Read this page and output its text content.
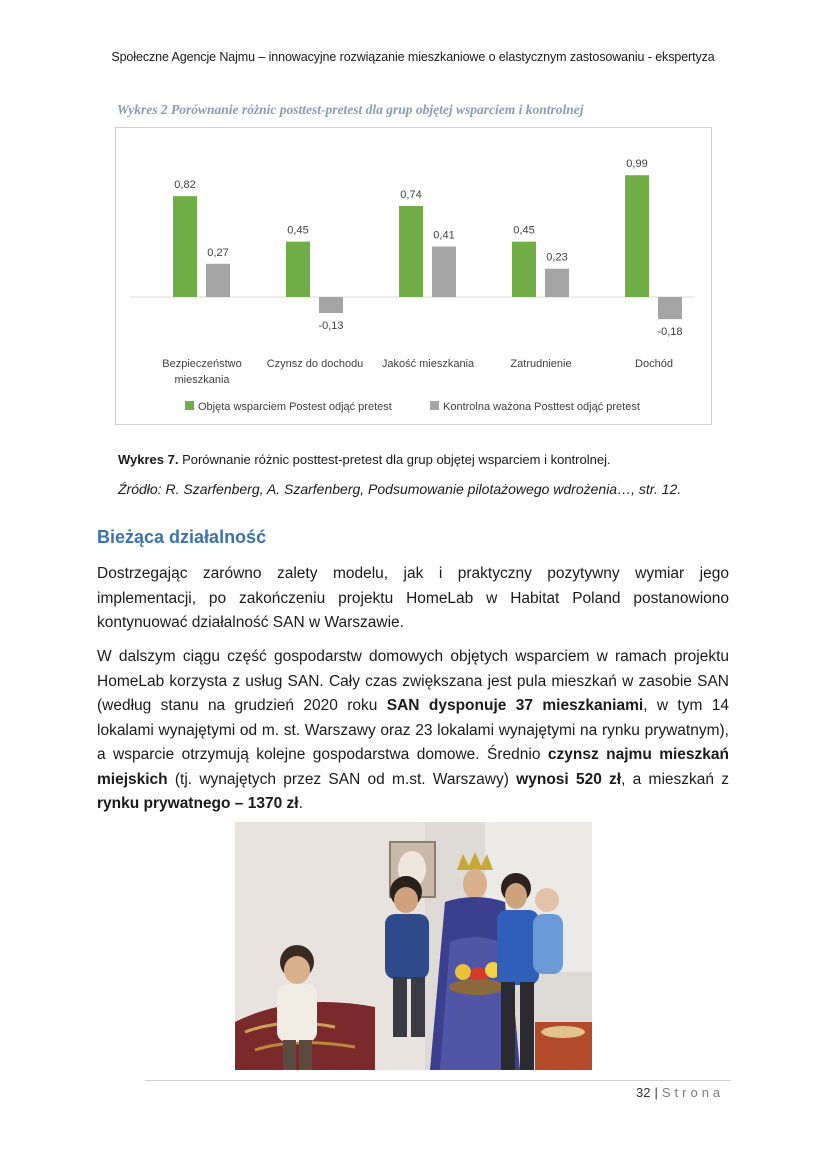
Społeczne Agencje Najmu – innowacyjne rozwiązanie mieszkaniowe o elastycznym zastosowaniu - ekspertyza
Wykres 2 Porównanie różnic posttest-pretest dla grup objętej wsparciem i kontrolnej
0,82
0,27
Bezpieczeństwo
mieszkania
0,45
-0,13
Czynsz do dochodu
0,74
0,41
Jakość mieszkania
0,45
0,23
Zatrudnienie
0,99
-0,18
Dochód
Objęta wsparciem Postest odjąć pretest	Kontrolna ważona Posttest odjąć pretest
Wykres 7. Porównanie różnic posttest-pretest dla grup objętej wsparciem i kontrolnej.
Źródło: R. Szarfenberg, A. Szarfenberg, Podsumowanie pilotażowego wdrożenia…, str. 12.
Bieżąca działalność
Dostrzegając zarówno zalety modelu, jak i praktyczny pozytywny wymiar jego implementacji, po zakończeniu projektu HomeLab w Habitat Poland postanowiono kontynuować działalność SAN w Warszawie.
W dalszym ciągu część gospodarstw domowych objętych wsparciem w ramach projektu HomeLab korzysta z usług SAN. Cały czas zwiększana jest pula mieszkań w zasobie SAN (według stanu na grudzień 2020 roku SAN dysponuje 37 mieszkaniami, w tym 14 lokalami wynajętymi od m. st. Warszawy oraz 23 lokalami wynajętymi na rynku prywatnym), a wsparcie otrzymują kolejne gospodarstwa domowe. Średnio czynsz najmu mieszkań miejskich (tj. wynajętych przez SAN od m.st. Warszawy) wynosi 520 zł, a mieszkań z rynku prywatnego – 1370 zł.
32 | Strona
